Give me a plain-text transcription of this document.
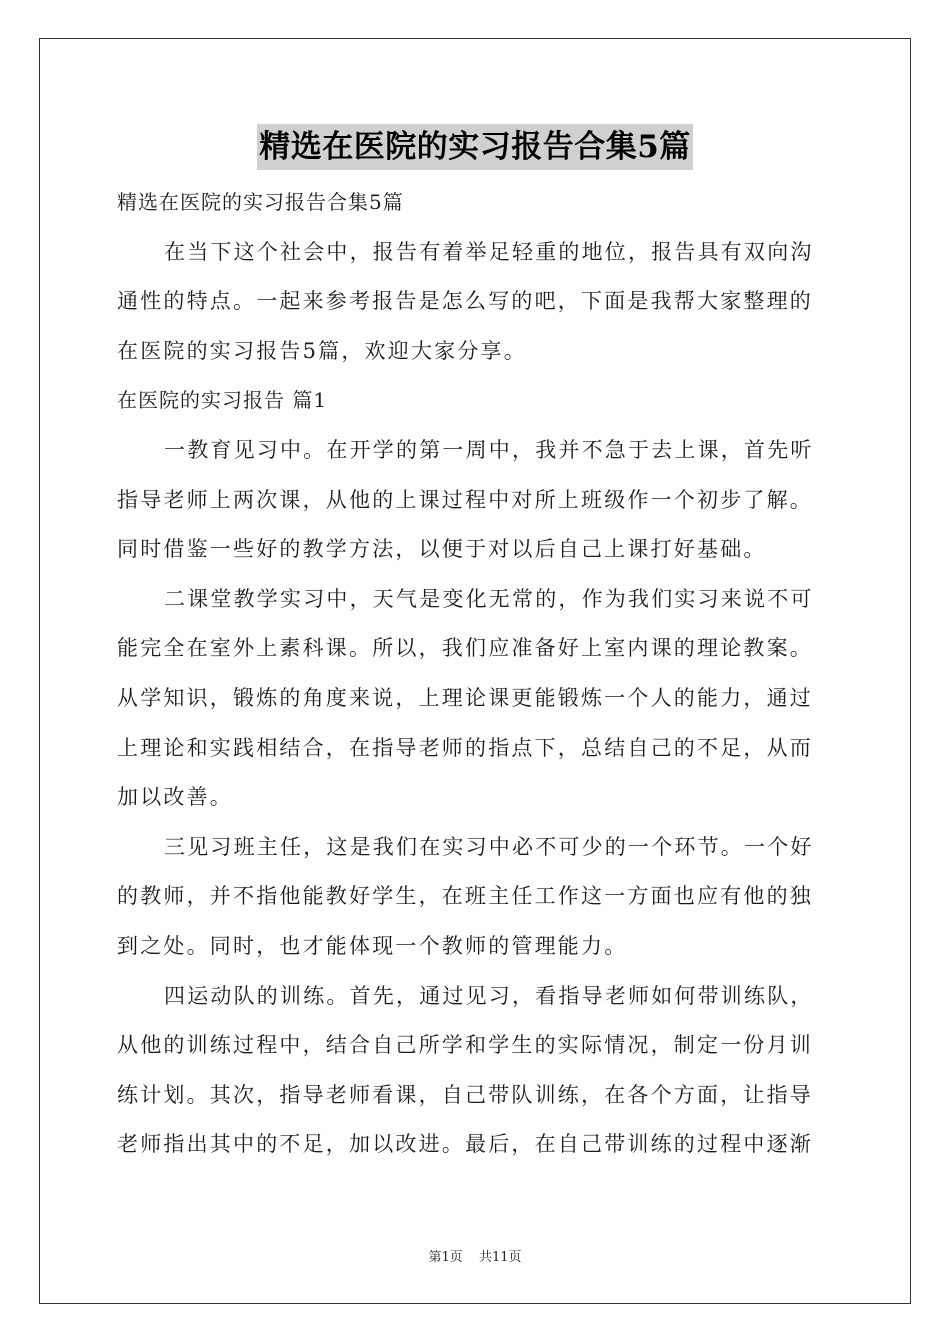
精选在医院的实习报告合集5篇

精选在医院的实习报告合集5篇

在当下这个社会中，报告有着举足轻重的地位，报告具有双向沟

通性的特点。一起来参考报告是怎么写的吧，下面是我帮大家整理的

在医院的实习报告5篇，欢迎大家分享。

在医院的实习报告 篇1

一教育见习中。在开学的第一周中，我并不急于去上课，首先听

指导老师上两次课，从他的上课过程中对所上班级作一个初步了解。

同时借鉴一些好的教学方法，以便于对以后自己上课打好基础。

二课堂教学实习中，天气是变化无常的，作为我们实习来说不可

能完全在室外上素科课。所以，我们应准备好上室内课的理论教案。

从学知识，锻炼的角度来说，上理论课更能锻炼一个人的能力，通过

上理论和实践相结合，在指导老师的指点下，总结自己的不足，从而

加以改善。

三见习班主任，这是我们在实习中必不可少的一个环节。一个好

的教师，并不指他能教好学生，在班主任工作这一方面也应有他的独

到之处。同时，也才能体现一个教师的管理能力。

四运动队的训练。首先，通过见习，看指导老师如何带训练队，

从他的训练过程中，结合自己所学和学生的实际情况，制定一份月训

练计划。其次，指导老师看课，自己带队训练，在各个方面，让指导

老师指出其中的不足，加以改进。最后，在自己带训练的过程中逐渐

第1页 共11页
